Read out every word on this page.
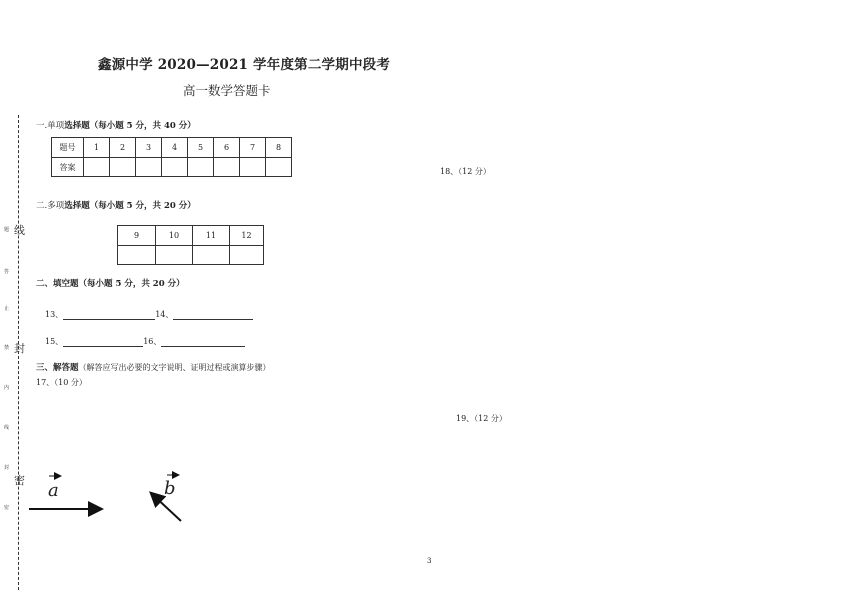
鑫源中学 2020—2021 学年度第二学期中段考
高一数学答题卡
题 线
答
止
禁 封
内
线
封
密
密
一.单项选择题（每小题 5 分，共 40 分）
题号	1	2	3	4	5	6	7	8
答案									18、（12 分）
二.多项选择题（每小题 5 分，共 20 分）
9	10	11	12

二、填空题（每小题 5 分，共 20 分）
13、	14、
15、	16、
三、解答题（解答应写出必要的文字说明、证明过程或演算步骤）
17、（10 分）
19、（12 分）
a	b
3
